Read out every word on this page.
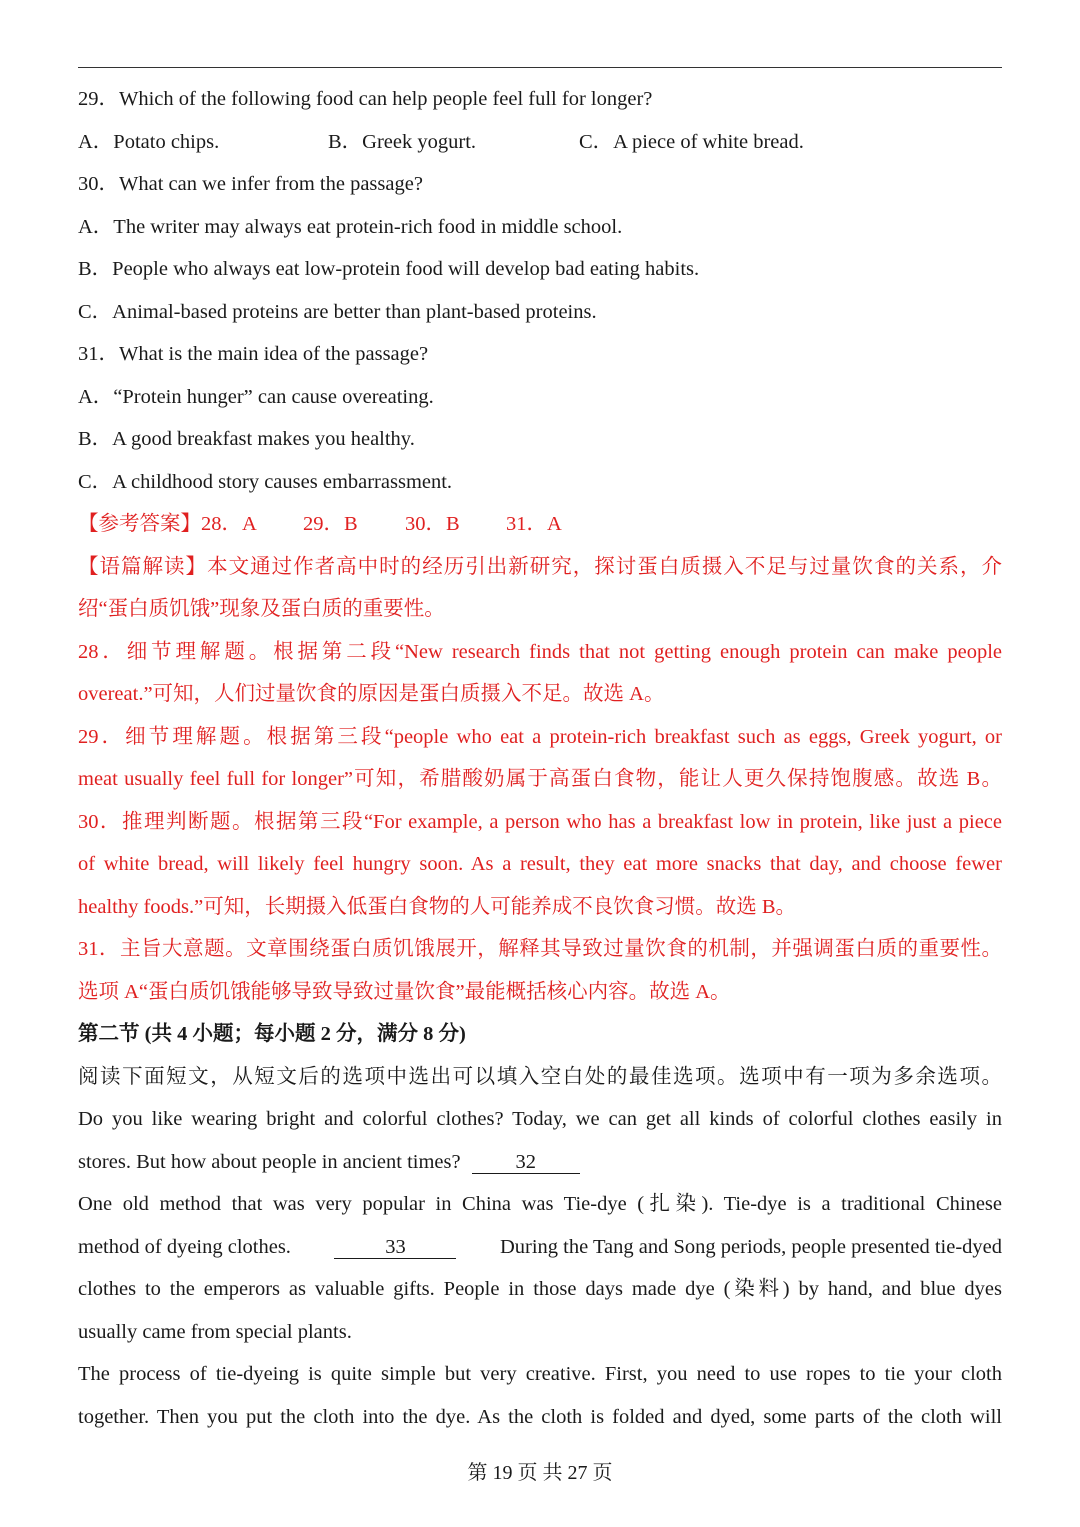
29．Which of the following food can help people feel full for longer?
A．Potato chips.	B．Greek yogurt.	C．A piece of white bread.
30．What can we infer from the passage?
A．The writer may always eat protein-rich food in middle school.
B．People who always eat low-protein food will develop bad eating habits.
C．Animal-based proteins are better than plant-based proteins.
31．What is the main idea of the passage?
A．“Protein hunger” can cause overeating.
B．A good breakfast makes you healthy.
C．A childhood story causes embarrassment.
【参考答案】28．A 29．B 30．B 31．A
【语篇解读】本文通过作者高中时的经历引出新研究，探讨蛋白质摄入不足与过量饮食的关系，介
绍“蛋白质饥饿”现象及蛋白质的重要性。
28．细节理解题。根据第二段“New research finds that not getting enough protein can make people
overeat.”可知，人们过量饮食的原因是蛋白质摄入不足。故选 A。
29．细节理解题。根据第三段“people who eat a protein-rich breakfast such as eggs, Greek yogurt, or
meat usually feel full for longer”可知，希腊酸奶属于高蛋白食物，能让人更久保持饱腹感。故选 B。
30．推理判断题。根据第三段“For example, a person who has a breakfast low in protein, like just a piece
of white bread, will likely feel hungry soon. As a result, they eat more snacks that day, and choose fewer
healthy foods.”可知，长期摄入低蛋白食物的人可能养成不良饮食习惯。故选 B。
31．主旨大意题。文章围绕蛋白质饥饿展开，解释其导致过量饮食的机制，并强调蛋白质的重要性。
选项 A“蛋白质饥饿能够导致导致过量饮食”最能概括核心内容。故选 A。
第二节 (共 4 小题；每小题 2 分，满分 8 分)
阅读下面短文，从短文后的选项中选出可以填入空白处的最佳选项。选项中有一项为多余选项。
Do you like wearing bright and colorful clothes? Today, we can get all kinds of colorful clothes easily in
stores. But how about people in ancient times?	32
One old method that was very popular in China was Tie-dye (扎染). Tie-dye is a traditional Chinese
method of dyeing clothes.	33	During the Tang and Song periods, people presented tie-dyed
clothes to the emperors as valuable gifts. People in those days made dye (染料) by hand, and blue dyes
usually came from special plants.
The process of tie-dyeing is quite simple but very creative. First, you need to use ropes to tie your cloth
together. Then you put the cloth into the dye. As the cloth is folded and dyed, some parts of the cloth will
第 19 页 共 27 页
